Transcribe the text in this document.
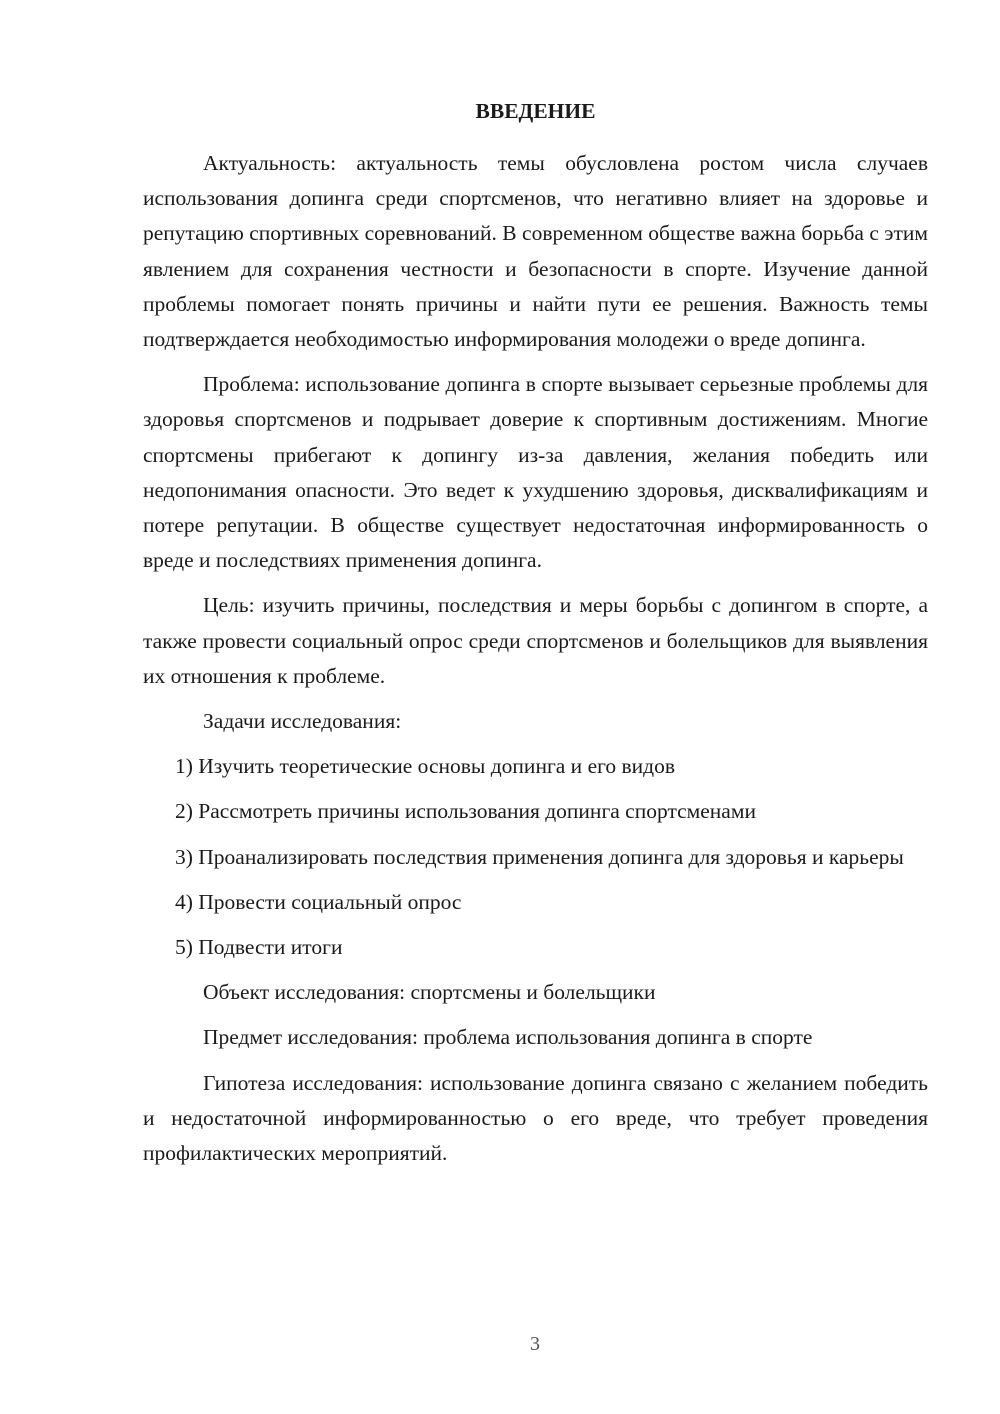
ВВЕДЕНИЕ

Актуальность: актуальность темы обусловлена ростом числа случаев использования допинга среди спортсменов, что негативно влияет на здоровье и репутацию спортивных соревнований. В современном обществе важна борьба с этим явлением для сохранения честности и безопасности в спорте. Изучение данной проблемы помогает понять причины и найти пути ее решения. Важность темы подтверждается необходимостью информирования молодежи о вреде допинга.

Проблема: использование допинга в спорте вызывает серьезные проблемы для здоровья спортсменов и подрывает доверие к спортивным достижениям. Многие спортсмены прибегают к допингу из-за давления, желания победить или недопонимания опасности. Это ведет к ухудшению здоровья, дисквалификациям и потере репутации. В обществе существует недостаточная информированность о вреде и последствиях применения допинга.

Цель: изучить причины, последствия и меры борьбы с допингом в спорте, а также провести социальный опрос среди спортсменов и болельщиков для выявления их отношения к проблеме.

Задачи исследования:

1) Изучить теоретические основы допинга и его видов

2) Рассмотреть причины использования допинга спортсменами

3) Проанализировать последствия применения допинга для здоровья и карьеры

4) Провести социальный опрос

5) Подвести итоги

Объект исследования: спортсмены и болельщики

Предмет исследования: проблема использования допинга в спорте

Гипотеза исследования: использование допинга связано с желанием победить и недостаточной информированностью о его вреде, что требует проведения профилактических мероприятий.

3
